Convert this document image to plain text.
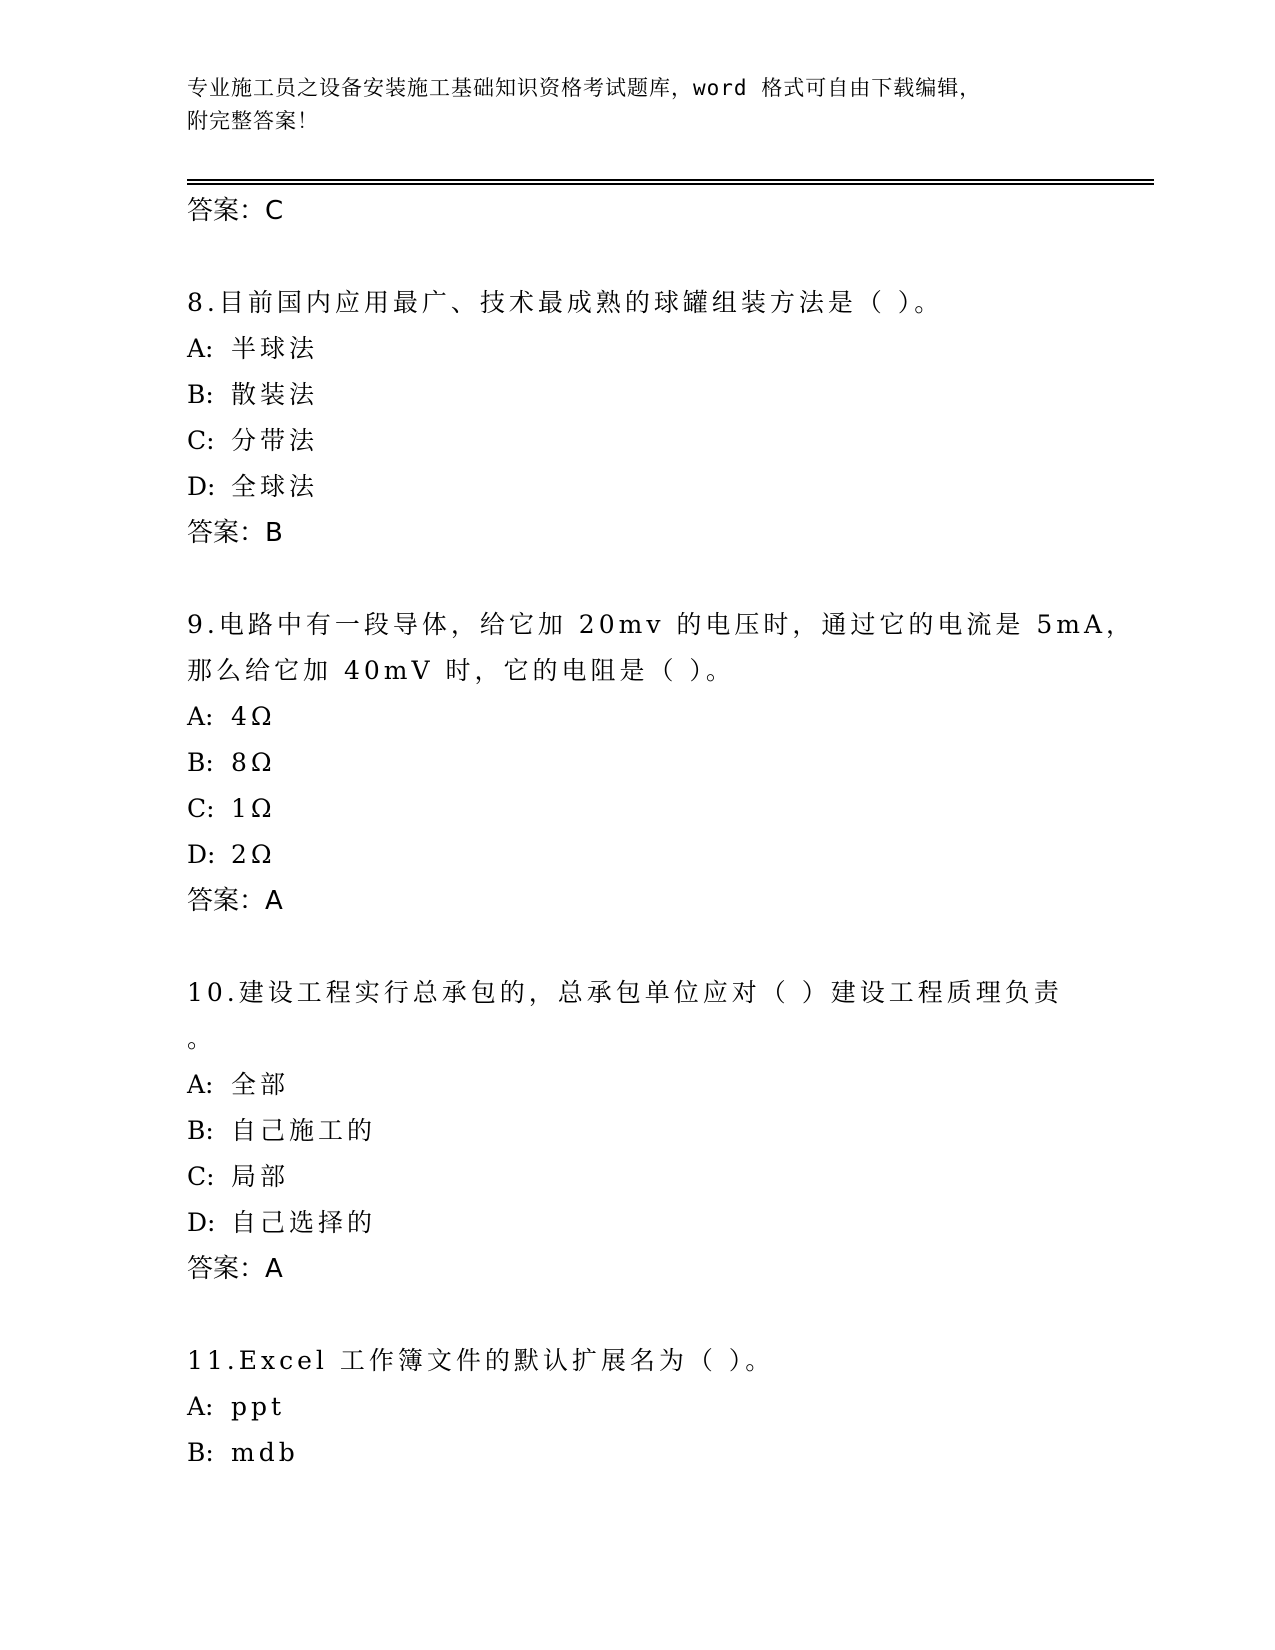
专业施工员之设备安装施工基础知识资格考试题库，word 格式可自由下载编辑，
附完整答案！
答案：C
8.目前国内应用最广、技术最成熟的球罐组装方法是（ ）。
A: 半球法
B: 散装法
C: 分带法
D: 全球法
答案：B
9.电路中有一段导体，给它加 20mv 的电压时，通过它的电流是 5mA，
那么给它加 40mV 时，它的电阻是（ ）。
A: 4Ω
B: 8Ω
C: 1Ω
D: 2Ω
答案：A
10.建设工程实行总承包的，总承包单位应对（ ）建设工程质理负责
。
A: 全部
B: 自己施工的
C: 局部
D: 自己选择的
答案：A
11.Excel 工作簿文件的默认扩展名为（ ）。
A: ppt
B: mdb
